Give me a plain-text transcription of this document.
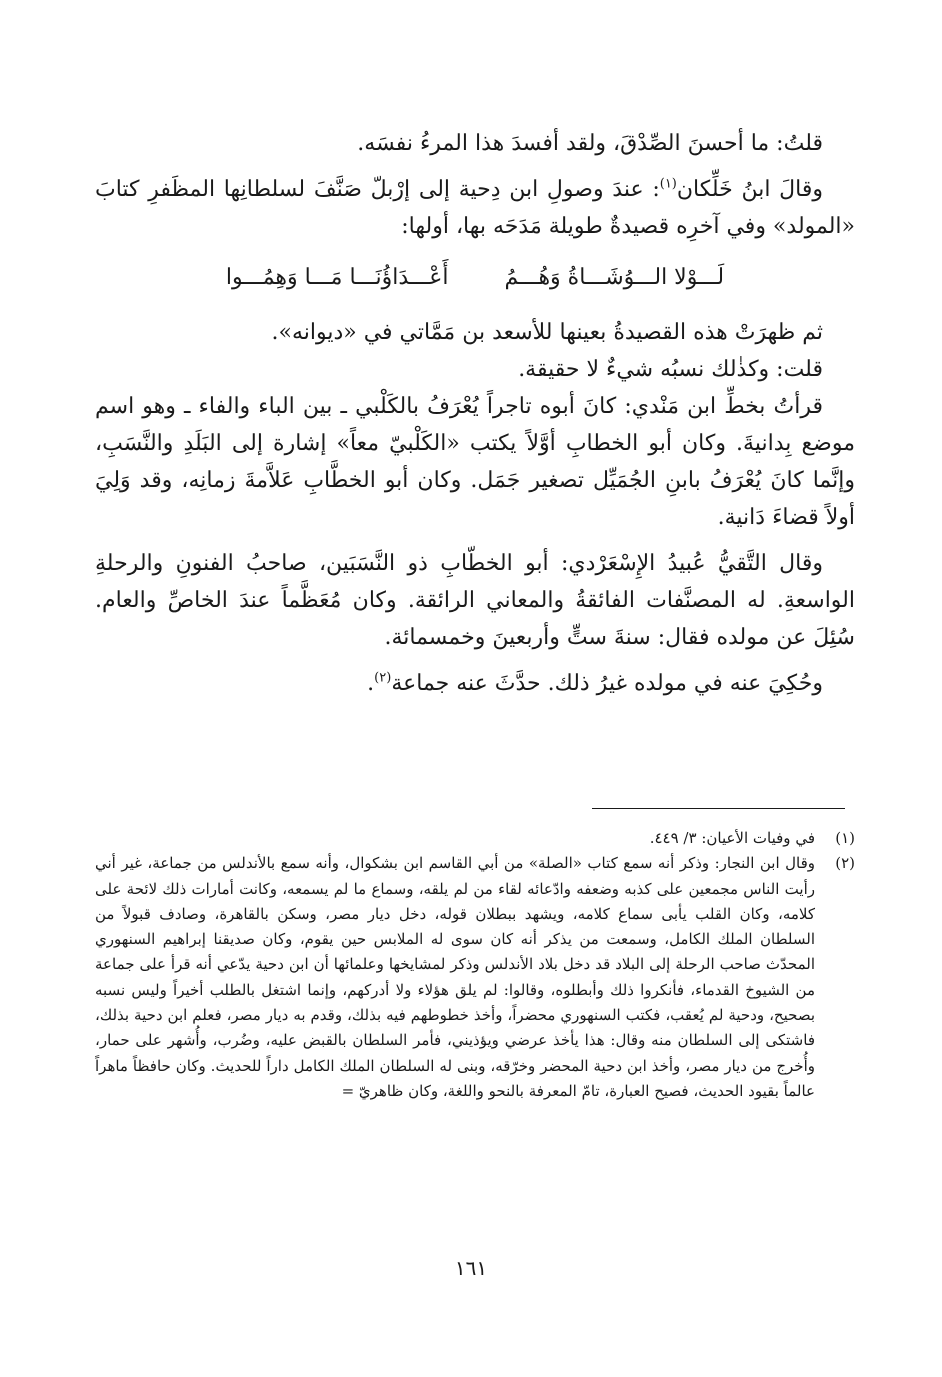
قلتُ: ما أحسنَ الصِّدْقَ، ولقد أفسدَ هذا المرءُ نفسَه.

وقالَ ابنُ خَلِّكان$^{(١)}$: عندَ وصولِ ابن دِحية إلى إرْبلّ صَنَّفَ لسلطانِها المظَفرِ كتابَ «المولد» وفي آخرِه قصيدةٌ طويلة مَدَحَه بها، أولها:

لَـــوْلا الـــوُشَـــاةُ وَهُـــمُ
أَعْـــدَاؤُنَـــا مَـــا وَهِمُـــوا

ثم ظهرَتْ هذه القصيدةُ بعينها للأسعد بن مَمَّاتي في «ديوانه».

قلت: وكذٰلك نسبُه شيءٌ لا حقيقة.

قرأتُ بخطِّ ابن مَنْدي: كانَ أبوه تاجراً يُعْرَفُ بالكَلْبي ـ بين الباء والفاء ـ وهو اسم موضع بِدانيةَ. وكان أبو الخطابِ أوَّلاً يكتب «الكَلْبيّ معاً» إشارة إلى البَلَدِ والنَّسَبِ، وإنَّما كانَ يُعْرَفُ بابنِ الجُمَيِّل تصغير جَمَل. وكان أبو الخطَّابِ عَلاَّمةَ زمانِه، وقد وَلِيَ أولاً قضاءَ دَانية.

وقال التَّقيُّ عُبيدُ الإِسْعَرْدي: أبو الخطّابِ ذو النَّسَبَين، صاحبُ الفنونِ والرحلةِ الواسعةِ. له المصنَّفات الفائقةُ والمعاني الرائقة. وكان مُعَظَّماً عندَ الخاصِّ والعام. سُئِلَ عن مولده فقال: سنةَ ستٍّ وأربعينَ وخمسمائة.

وحُكِيَ عنه في مولده غيرُ ذلك. حدَّثَ عنه جماعة$^{(٢)}$.

(١)
في وفيات الأعيان: ٣/ ٤٤٩.
(٢)
وقال ابن النجار: وذكر أنه سمع كتاب «الصلة» من أبي القاسم ابن بشكوال، وأنه سمع بالأندلس من جماعة، غير أني رأيت الناس مجمعين على كذبه وضعفه وادّعائه لقاء من لم يلقه، وسماع ما لم يسمعه، وكانت أمارات ذلك لائحة على كلامه، وكان القلب يأبى سماع كلامه، ويشهد ببطلان قوله، دخل ديار مصر، وسكن بالقاهرة، وصادف قبولاً من السلطان الملك الكامل، وسمعت من يذكر أنه كان سوى له الملابس حين يقوم، وكان صديقنا إبراهيم السنهوري المحدّث صاحب الرحلة إلى البلاد قد دخل بلاد الأندلس وذكر لمشايخها وعلمائها أن ابن دحية يدّعي أنه قرأ على جماعة من الشيوخ القدماء، فأنكروا ذلك وأبطلوه، وقالوا: لم يلق هؤلاء ولا أدركهم، وإنما اشتغل بالطلب أخيراً وليس نسبه بصحيح، ودحية لم يُعقب، فكتب السنهوري محضراً، وأخذ خطوطهم فيه بذلك، وقدم به ديار مصر، فعلم ابن دحية بذلك، فاشتكى إلى السلطان منه وقال: هذا يأخذ عرضي ويؤذيني، فأمر السلطان بالقبض عليه، وضُرب، وأُشهر على حمار، وأُخرج من ديار مصر، وأخذ ابن دحية المحضر وخرّقه، وبنى له السلطان الملك الكامل داراً للحديث. وكان حافظاً ماهراً عالماً بقيود الحديث، فصيح العبارة، تامّ المعرفة بالنحو واللغة، وكان ظاهريّ =
١٦١
